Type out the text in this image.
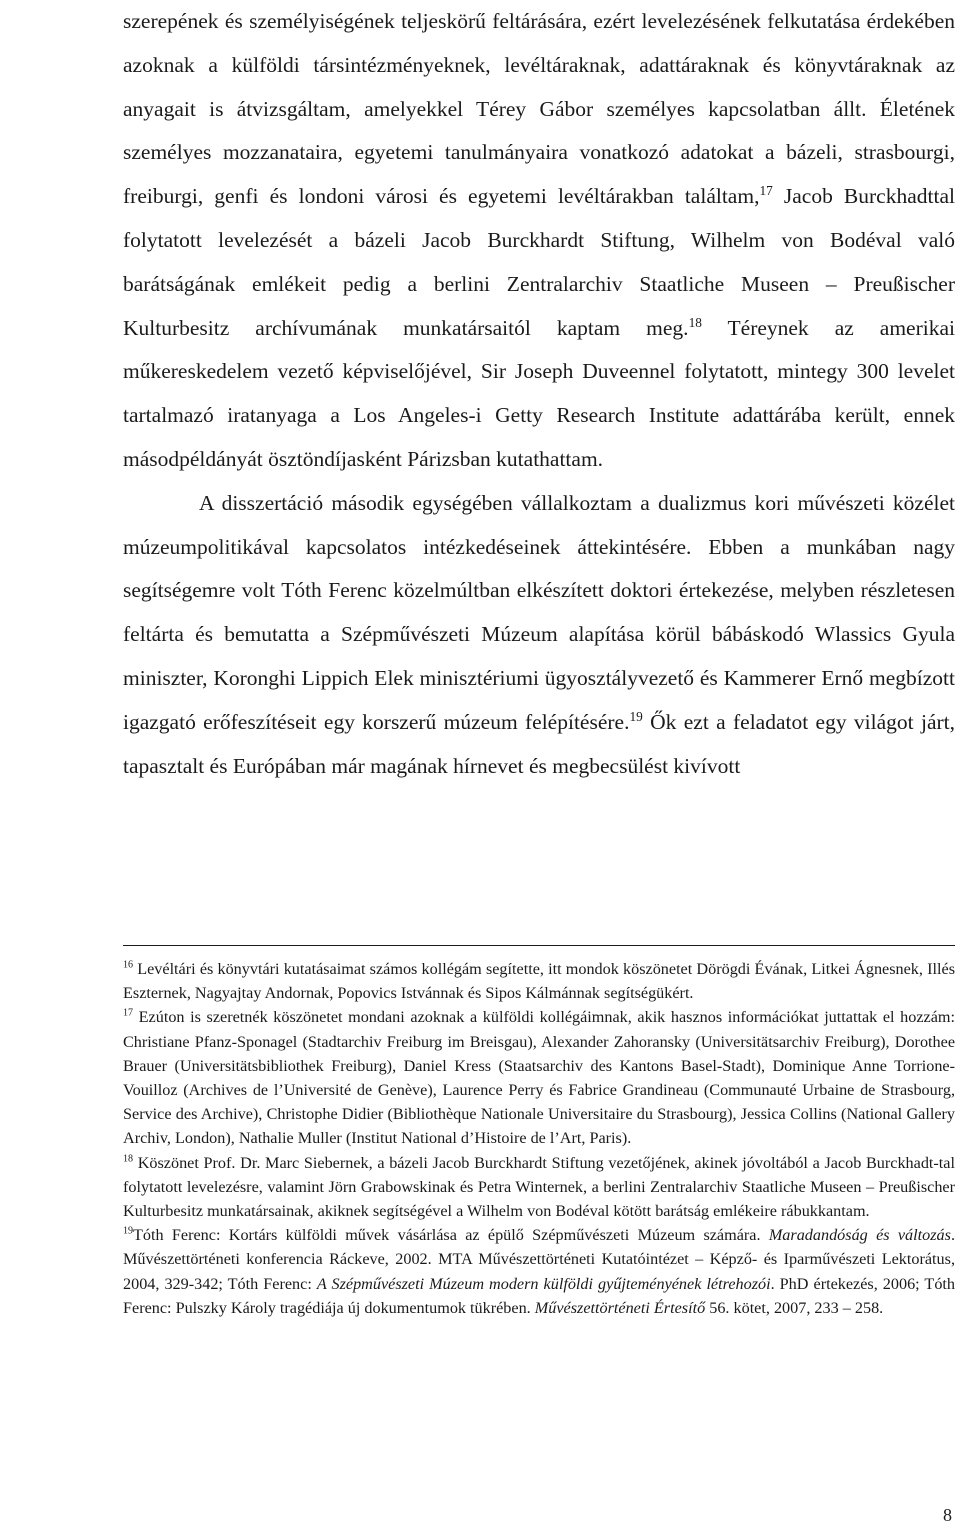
szerepének és személyiségének teljeskörű feltárására, ezért levelezésének felkutatása érdekében azoknak a külföldi társintézményeknek, levéltáraknak, adattáraknak és könyvtáraknak az anyagait is átvizsgáltam, amelyekkel Térey Gábor személyes kapcsolatban állt. Életének személyes mozzanataira, egyetemi tanulmányaira vonatkozó adatokat a bázeli, strasbourgi, freiburgi, genfi és londoni városi és egyetemi levéltárakban találtam,$^{17}$ Jacob Burckhadttal folytatott levelezését a bázeli Jacob Burckhardt Stiftung, Wilhelm von Bodéval való barátságának emlékeit pedig a berlini Zentralarchiv Staatliche Museen – Preußischer Kulturbesitz archívumának munkatársaitól kaptam meg.$^{18}$ Téreynek az amerikai műkereskedelem vezető képviselőjével, Sir Joseph Duveennel folytatott, mintegy 300 levelet tartalmazó iratanyaga a Los Angeles-i Getty Research Institute adattárába került, ennek másodpéldányát ösztöndíjasként Párizsban kutathattam.

A disszertáció második egységében vállalkoztam a dualizmus kori művészeti közélet múzeumpolitikával kapcsolatos intézkedéseinek áttekintésére. Ebben a munkában nagy segítségemre volt Tóth Ferenc közelmúltban elkészített doktori értekezése, melyben részletesen feltárta és bemutatta a Szépművészeti Múzeum alapítása körül bábáskodó Wlassics Gyula miniszter, Koronghi Lippich Elek minisztériumi ügyosztályvezető és Kammerer Ernő megbízott igazgató erőfeszítéseit egy korszerű múzeum felépítésére.$^{19}$ Ők ezt a feladatot egy világot járt, tapasztalt és Európában már magának hírnevet és megbecsülést kivívott

$^{16}$ Levéltári és könyvtári kutatásaimat számos kollégám segítette, itt mondok köszönetet Dörögdi Évának, Litkei Ágnesnek, Illés Eszternek, Nagyajtay Andornak, Popovics Istvánnak és Sipos Kálmánnak segítségükért.

$^{17}$ Ezúton is szeretnék köszönetet mondani azoknak a külföldi kollégáimnak, akik hasznos információkat juttattak el hozzám: Christiane Pfanz-Sponagel (Stadtarchiv Freiburg im Breisgau), Alexander Zahoransky (Universitätsarchiv Freiburg), Dorothee Brauer (Universitätsbibliothek Freiburg), Daniel Kress (Staatsarchiv des Kantons Basel-Stadt), Dominique Anne Torrione-Vouilloz (Archives de l’Université de Genève), Laurence Perry és Fabrice Grandineau (Communauté Urbaine de Strasbourg, Service des Archive), Christophe Didier (Bibliothèque Nationale Universitaire du Strasbourg), Jessica Collins (National Gallery Archiv, London), Nathalie Muller (Institut National d’Histoire de l’Art, Paris).

$^{18}$ Köszönet Prof. Dr. Marc Siebernek, a bázeli Jacob Burckhardt Stiftung vezetőjének, akinek jóvoltából a Jacob Burckhadt-tal folytatott levelezésre, valamint Jörn Grabowskinak és Petra Winternek, a berlini Zentralarchiv Staatliche Museen – Preußischer Kulturbesitz munkatársainak, akiknek segítségével a Wilhelm von Bodéval kötött barátság emlékeire rábukkantam.

$^{19}$Tóth Ferenc: Kortárs külföldi művek vásárlása az épülő Szépművészeti Múzeum számára. Maradandóság és változás. Művészettörténeti konferencia Ráckeve, 2002. MTA Művészettörténeti Kutatóintézet – Képző- és Iparművészeti Lektorátus, 2004, 329-342; Tóth Ferenc: A Szépművészeti Múzeum modern külföldi gyűjteményének létrehozói. PhD értekezés, 2006; Tóth Ferenc: Pulszky Károly tragédiája új dokumentumok tükrében. Művészettörténeti Értesítő 56. kötet, 2007, 233 – 258.

8
